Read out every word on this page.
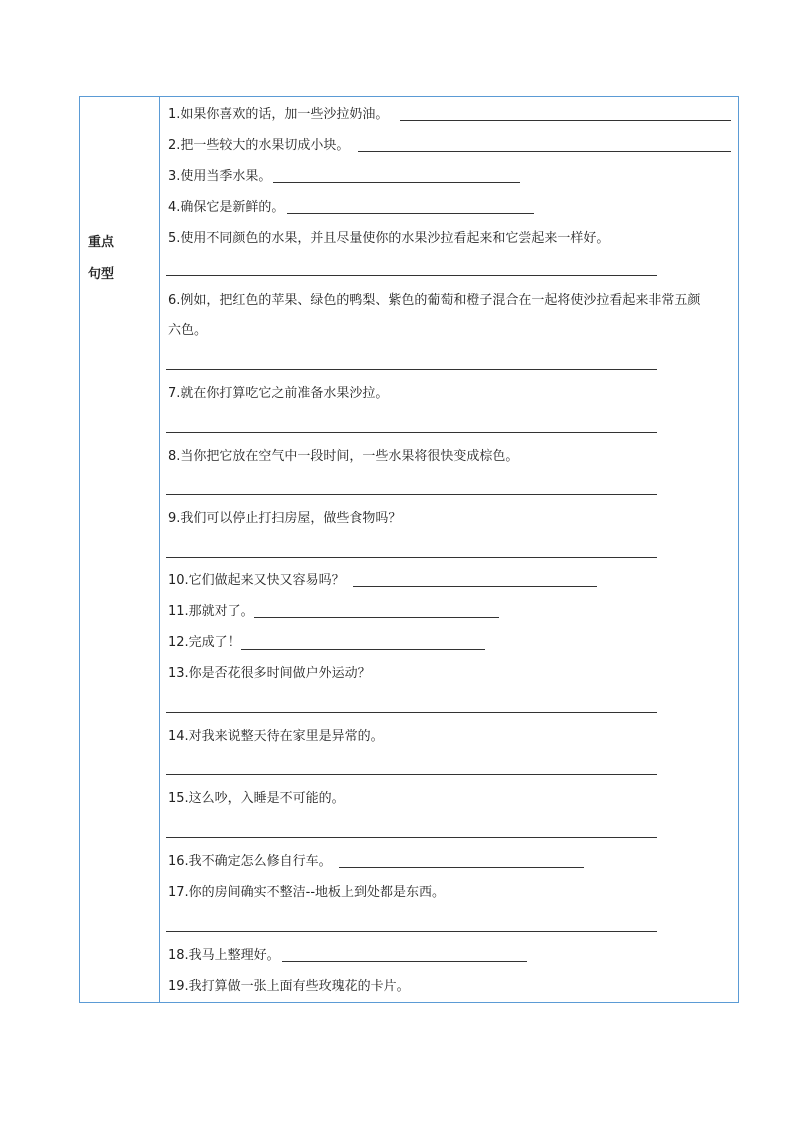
重点
句型
1.如果你喜欢的话，加一些沙拉奶油。
2.把一些较大的水果切成小块。
3.使用当季水果。
4.确保它是新鲜的。
5.使用不同颜色的水果，并且尽量使你的水果沙拉看起来和它尝起来一样好。
6.例如，把红色的苹果、绿色的鸭梨、紫色的葡萄和橙子混合在一起将使沙拉看起来非常五颜
六色。
7.就在你打算吃它之前准备水果沙拉。
8.当你把它放在空气中一段时间，一些水果将很快变成棕色。
9.我们可以停止打扫房屋，做些食物吗？
10.它们做起来又快又容易吗？
11.那就对了。
12.完成了！
13.你是否花很多时间做户外运动？
14.对我来说整天待在家里是异常的。
15.这么吵，入睡是不可能的。
16.我不确定怎么修自行车。
17.你的房间确实不整洁--地板上到处都是东西。
18.我马上整理好。
19.我打算做一张上面有些玫瑰花的卡片。
